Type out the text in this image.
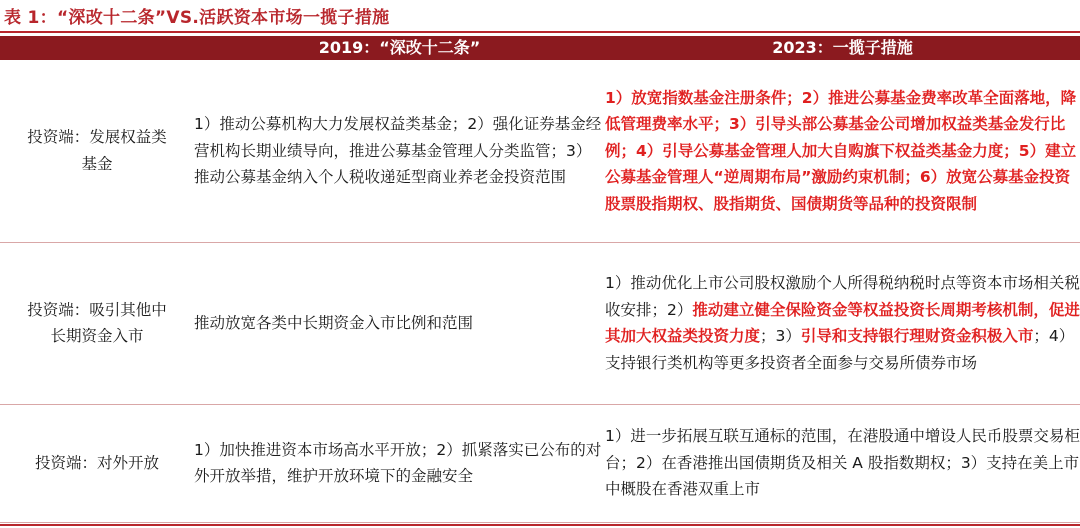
表 1：“深改十二条”VS.活跃资本市场一揽子措施
	2019：“深改十二条”	2023：一揽子措施
投资端：发展权益类基金	1）推动公募机构大力发展权益类基金；2）强化证券基金经营机构长期业绩导向，推进公募基金管理人分类监管；3）推动公募基金纳入个人税收递延型商业养老金投资范围	1）放宽指数基金注册条件；2）推进公募基金费率改革全面落地，降低管理费率水平；3）引导头部公募基金公司增加权益类基金发行比例；4）引导公募基金管理人加大自购旗下权益类基金力度；5）建立公募基金管理人“逆周期布局”激励约束机制；6）放宽公募基金投资股票股指期权、股指期货、国债期货等品种的投资限制
投资端：吸引其他中长期资金入市	推动放宽各类中长期资金入市比例和范围	1）推动优化上市公司股权激励个人所得税纳税时点等资本市场相关税收安排；2）推动建立健全保险资金等权益投资长周期考核机制，促进其加大权益类投资力度；3）引导和支持银行理财资金积极入市；4）支持银行类机构等更多投资者全面参与交易所债券市场
投资端：对外开放	1）加快推进资本市场高水平开放；2）抓紧落实已公布的对外开放举措，维护开放环境下的金融安全	1）进一步拓展互联互通标的范围，在港股通中增设人民币股票交易柜台；2）在香港推出国债期货及相关 A 股指数期权；3）支持在美上市中概股在香港双重上市
